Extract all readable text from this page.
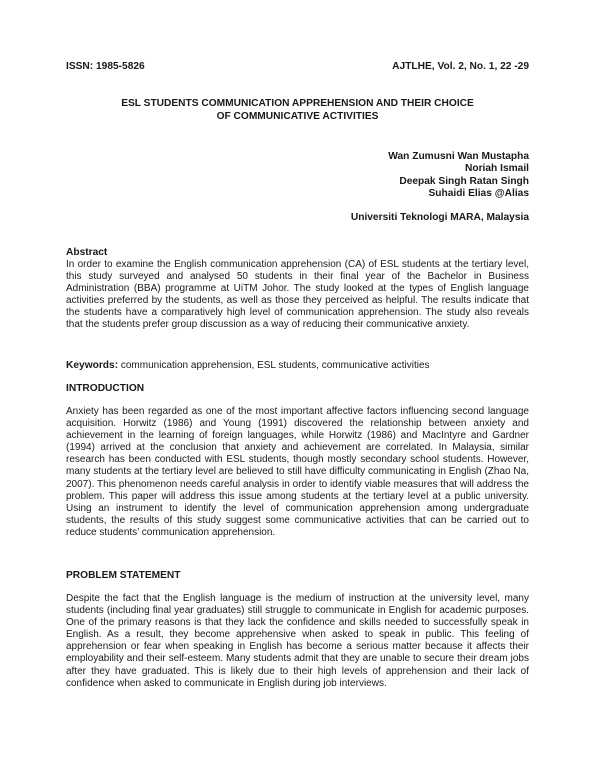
ISSN: 1985-5826	AJTLHE, Vol. 2, No. 1, 22 -29
ESL STUDENTS COMMUNICATION APPREHENSION AND THEIR CHOICE
OF COMMUNICATIVE ACTIVITIES
Wan Zumusni Wan Mustapha
Noriah Ismail
Deepak Singh Ratan Singh
Suhaidi Elias @Alias
Universiti Teknologi MARA, Malaysia
Abstract

In order to examine the English communication apprehension (CA) of ESL students at the tertiary level, this study surveyed and analysed 50 students in their final year of the Bachelor in Business Administration (BBA) programme at UiTM Johor. The study looked at the types of English language activities preferred by the students, as well as those they perceived as helpful. The results indicate that the students have a comparatively high level of communication apprehension. The study also reveals that the students prefer group discussion as a way of reducing their communicative anxiety.

Keywords: communication apprehension, ESL students, communicative activities
INTRODUCTION

Anxiety has been regarded as one of the most important affective factors influencing second language acquisition. Horwitz (1986) and Young (1991) discovered the relationship between anxiety and achievement in the learning of foreign languages, while Horwitz (1986) and MacIntyre and Gardner (1994) arrived at the conclusion that anxiety and achievement are correlated. In Malaysia, similar research has been conducted with ESL students, though mostly secondary school students. However, many students at the tertiary level are believed to still have difficulty communicating in English (Zhao Na, 2007). This phenomenon needs careful analysis in order to identify viable measures that will address the problem. This paper will address this issue among students at the tertiary level at a public university. Using an instrument to identify the level of communication apprehension among undergraduate students, the results of this study suggest some communicative activities that can be carried out to reduce students’ communication apprehension.

PROBLEM STATEMENT

Despite the fact that the English language is the medium of instruction at the university level, many students (including final year graduates) still struggle to communicate in English for academic purposes. One of the primary reasons is that they lack the confidence and skills needed to successfully speak in English. As a result, they become apprehensive when asked to speak in public. This feeling of apprehension or fear when speaking in English has become a serious matter because it affects their employability and their self-esteem. Many students admit that they are unable to secure their dream jobs after they have graduated. This is likely due to their high levels of apprehension and their lack of confidence when asked to communicate in English during job interviews.
